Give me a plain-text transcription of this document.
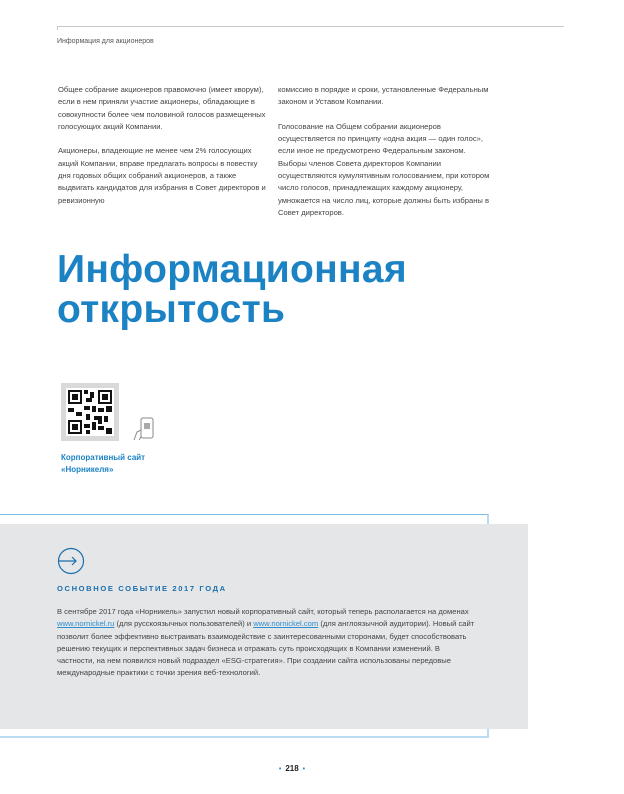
Информация для акционеров

Общее собрание акционеров правомочно (имеет кворум), если в нем приняли участие акционеры, обладающие в совокупности более чем половиной голосов размещенных голосующих акций Компании.

Акционеры, владеющие не менее чем 2% голосующих акций Компании, вправе предлагать вопросы в повестку дня годовых общих собраний акционеров, а также выдвигать кандидатов для избрания в Совет директоров и ревизионную

комиссию в порядке и сроки, установленные Федеральным законом и Уставом Компании.

Голосование на Общем собрании акционеров осуществляется по принципу «одна акция — один голос», если иное не предусмотрено Федеральным законом. Выборы членов Совета директоров Компании осуществляются кумулятивным голосованием, при котором число голосов, принадлежащих каждому акционеру, умножается на число лиц, которые должны быть избраны в Совет директоров.

Информационная
открытость
Корпоративный сайт
«Норникеля»
ОСНОВНОЕ СОБЫТИЕ 2017 ГОДА
В сентябре 2017 года «Норникель» запустил новый корпоративный сайт, который теперь располагается на доменах www.nornickel.ru (для русскоязычных пользователей) и www.nornickel.com (для англоязычной аудитории). Новый сайт позволит более эффективно выстраивать взаимодействие с заинтересованными сторонами, будет способствовать решению текущих и перспективных задач бизнеса и отражать суть происходящих в Компании изменений. В частности, на нем появился новый подраздел «ESG-стратегия». При создании сайта использованы передовые международные практики с точки зрения веб-технологий.
• 218 •
